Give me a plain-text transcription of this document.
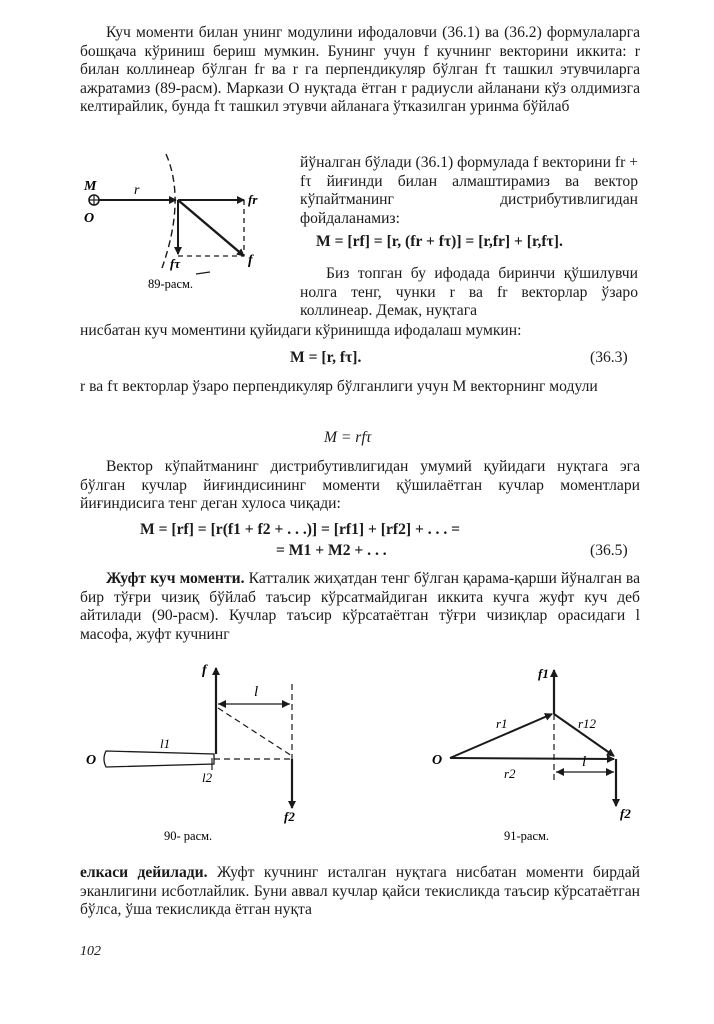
Куч моменти билан унинг модулини ифодаловчи (36.1) ва (36.2) формулаларга бошқача кўриниш бериш мумкин. Бунинг учун f кучнинг векторини иккита: r билан коллинеар бўлган fr ва r га перпендикуляр бўлган fτ ташкил этувчиларга ажратамиз (89-расм). Маркази O нуқтада ётган r радиусли айланани кўз олдимизга келтирайлик, бунда fτ ташкил этувчи айланага ўтказилган уринма бўйлаб

йўналган бўлади (36.1) формулада f векторини fr + fτ йиғинди билан алмаштирамиз ва вектор кўпайтманинг дистрибутивлигидан фойдаланамиз:

M = [rf] = [r, (fr + fτ)] = [r,fr] + [r,fτ].

Биз топган бу ифодада биринчи қўшилувчи нолга тенг, чунки r ва fr векторлар ўзаро коллинеар. Демак, нуқтага

нисбатан куч моментини қуйидаги кўринишда ифодалаш мумкин:

M = [r, fτ].	(36.3)

r ва fτ векторлар ўзаро перпендикуляр бўлганлиги учун M векторнинг модули

M = rfτ

Вектор кўпайтманинг дистрибутивлигидан умумий қуйидаги нуқтага эга бўлган кучлар йиғиндисининг моменти қўшилаётган кучлар моментлари йиғиндисига тенг деган хулоса чиқади:

M = [rf] = [r(f1 + f2 + . . .)] = [rf1] + [rf2] + . . . =
= M1 + M2 + . . .	(36.5)

Жуфт куч моменти. Катталик жиҳатдан тенг бўлган қарама-қарши йўналган ва бир тўғри чизиқ бўйлаб таъсир кўрсатмайдиган иккита кучга жуфт куч деб айтилади (90-расм). Кучлар таъсир кўрсатаётган тўғри чизиқлар орасидаги l масофа, жуфт кучнинг

елкаси дейилади. Жуфт кучнинг исталган нуқтага нисбатан моменти бирдай эканлигини исботлайлик. Буни аввал кучлар қайси текисликда таъсир кўрсатаётган бўлса, ўша текисликда ётган нуқта

102
M
O
r
fr
f
fτ
89-расм.
f
l
l1
l2
O
f2
90- расм.
O
f1
r1	r12
r2
l
f2
91-расм.
